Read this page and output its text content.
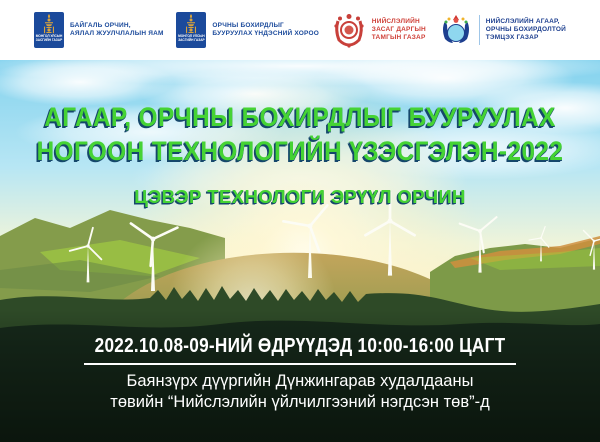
МОНГОЛ УЛСЫН
ЗАСГИЙН ГАЗАР
БАЙГАЛЬ ОРЧИН,
АЯЛАЛ ЖУУЛЧЛАЛЫН ЯАМ	МОНГОЛ УЛСЫН
ЗАСГИЙН ГАЗАР
ОРЧНЫ БОХИРДЛЫГ
БУУРУУЛАХ ҮНДЭСНИЙ ХОРОО
НИЙСЛЭЛИЙН
ЗАСАГ ДАРГЫН
ТАМГЫН ГАЗАР
НИЙСЛЭЛИЙН АГААР,
ОРЧНЫ БОХИРДОЛТОЙ
ТЭМЦЭХ ГАЗАР
АГААР, ОРЧНЫ БОХИРДЛЫГ БУУРУУЛАХ
НОГООН ТЕХНОЛОГИЙН ҮЗЭСГЭЛЭН-2022
ЦЭВЭР ТЕХНОЛОГИ ЭРҮҮЛ ОРЧИН
2022.10.08-09-НИЙ ӨДРҮҮДЭД 10:00-16:00 ЦАГТ
Баянзүрх дүүргийн Дүнжингарав худалдааны
төвийн “Нийслэлийн үйлчилгээний нэгдсэн төв”-д
